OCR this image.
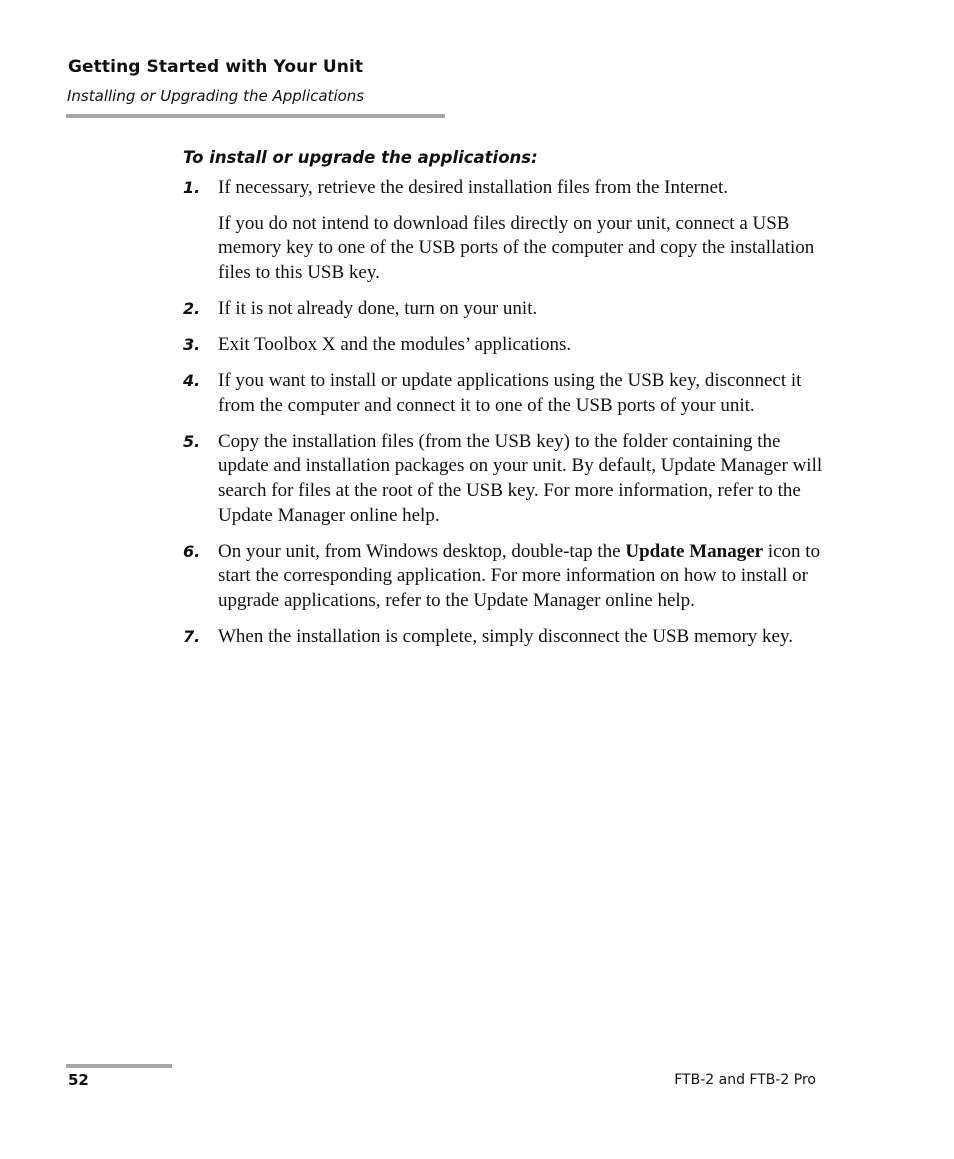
Getting Started with Your Unit
Installing or Upgrading the Applications
To install or upgrade the applications:
1. If necessary, retrieve the desired installation files from the Internet.

If you do not intend to download files directly on your unit, connect a USB memory key to one of the USB ports of the computer and copy the installation files to this USB key.

2. If it is not already done, turn on your unit.

3. Exit Toolbox X and the modules’ applications.

4. If you want to install or update applications using the USB key, disconnect it from the computer and connect it to one of the USB ports of your unit.

5. Copy the installation files (from the USB key) to the folder containing the update and installation packages on your unit. By default, Update Manager will search for files at the root of the USB key. For more information, refer to the Update Manager online help.

6. On your unit, from Windows desktop, double-tap the Update Manager icon to start the corresponding application. For more information on how to install or upgrade applications, refer to the Update Manager online help.

7. When the installation is complete, simply disconnect the USB memory key.

52	FTB-2 and FTB-2 Pro
